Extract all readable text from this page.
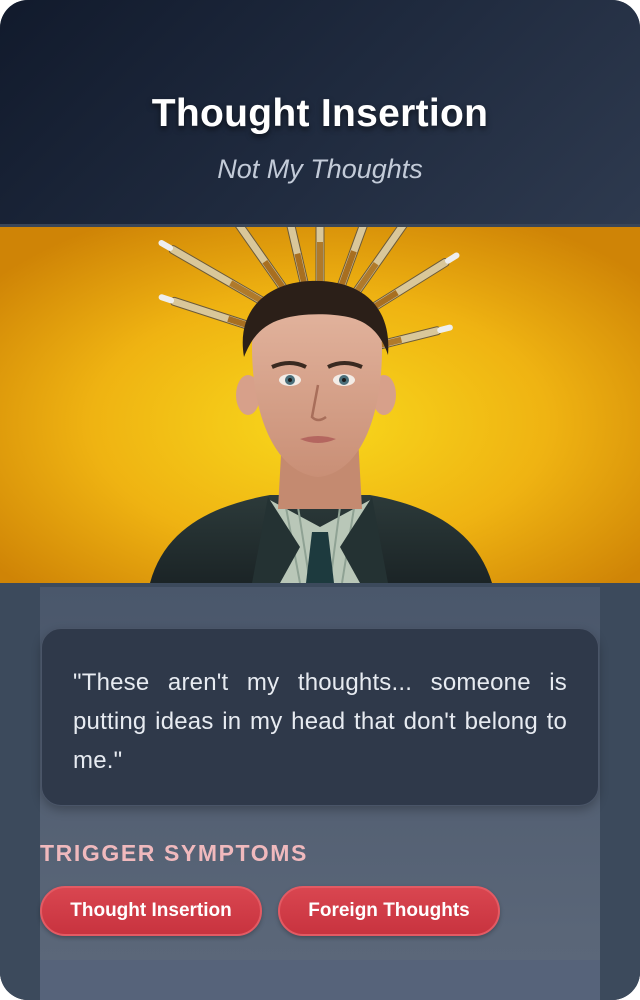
Thought Insertion
Not My Thoughts
"These aren't my thoughts... someone is putting ideas in my head that don't belong to me."
TRIGGER SYMPTOMS
Thought Insertion	Foreign Thoughts
